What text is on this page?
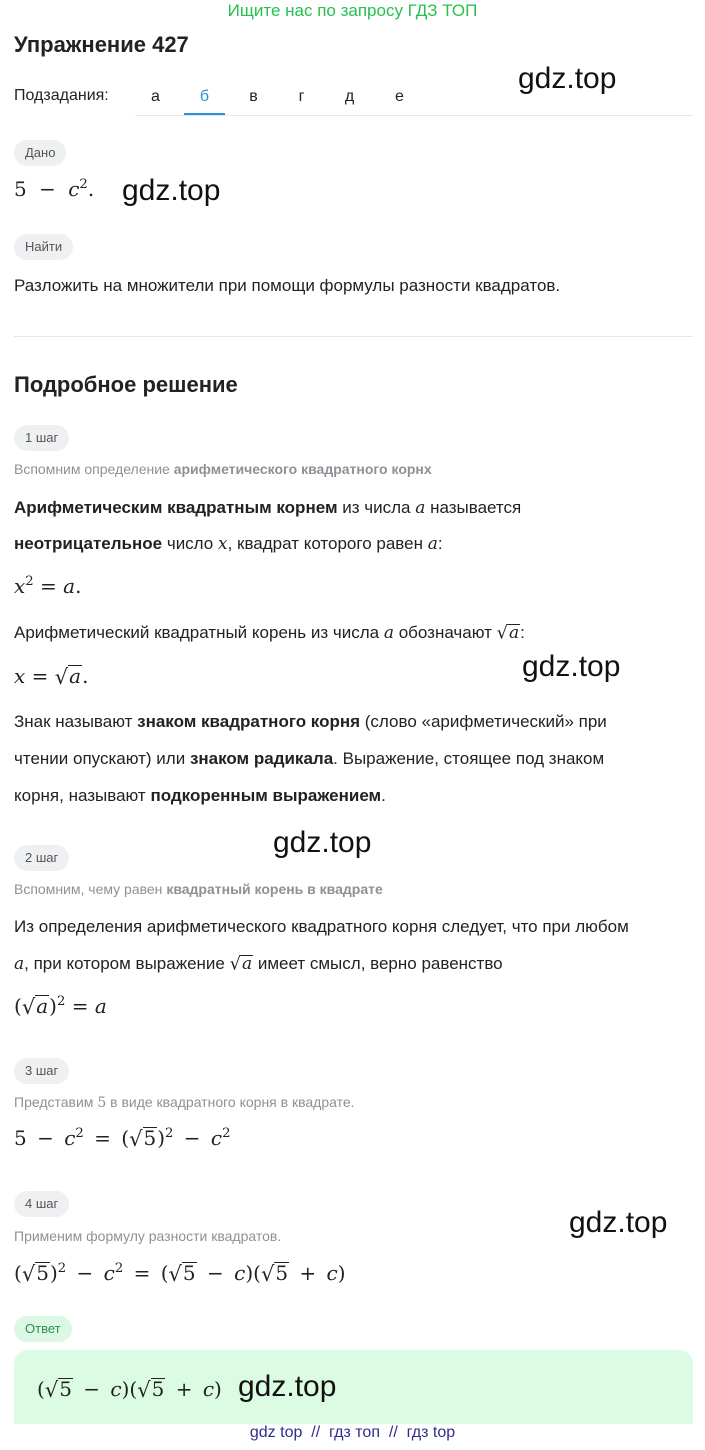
Ищите нас по запросу ГДЗ ТОП
Упражнение 427
gdz.top
gdz.top
gdz.top
gdz.top
gdz.top
Подзадания:	а	б	в	г	д	е
Дано
$5 - c^2$.
Найти
Разложить на множители при помощи формулы разности квадратов.
Подробное решение
1 шаг
Вспомним определение арифметического квадратного корнх
Арифметическим квадратным корнем из числа a называется
неотрицательное число x, квадрат которого равен a:
$x^2 = a$.
Арифметический квадратный корень из числа a обозначают √a:
x = √a.
Знак называют знаком квадратного корня (слово «арифметический» при
чтении опускают) или знаком радикала. Выражение, стоящее под знаком
корня, называют подкоренным выражением.
2 шаг
Вспомним, чему равен квадратный корень в квадрате
Из определения арифметического квадратного корня следует, что при любом
a, при котором выражение √a имеет смысл, верно равенство
$(√a)^2 = a$
3 шаг
Представим 5 в виде квадратного корня в квадрате.
$5 - c^2 = (√5)^2 - c^2$
4 шаг
Применим формулу разности квадратов.
$(√5)^2 - c^2 = (√5 - c)(√5 + c)$
Ответ
(√5 − c)(√5 + c) gdz.top
gdz top  //  гдз топ  //  гдз top
